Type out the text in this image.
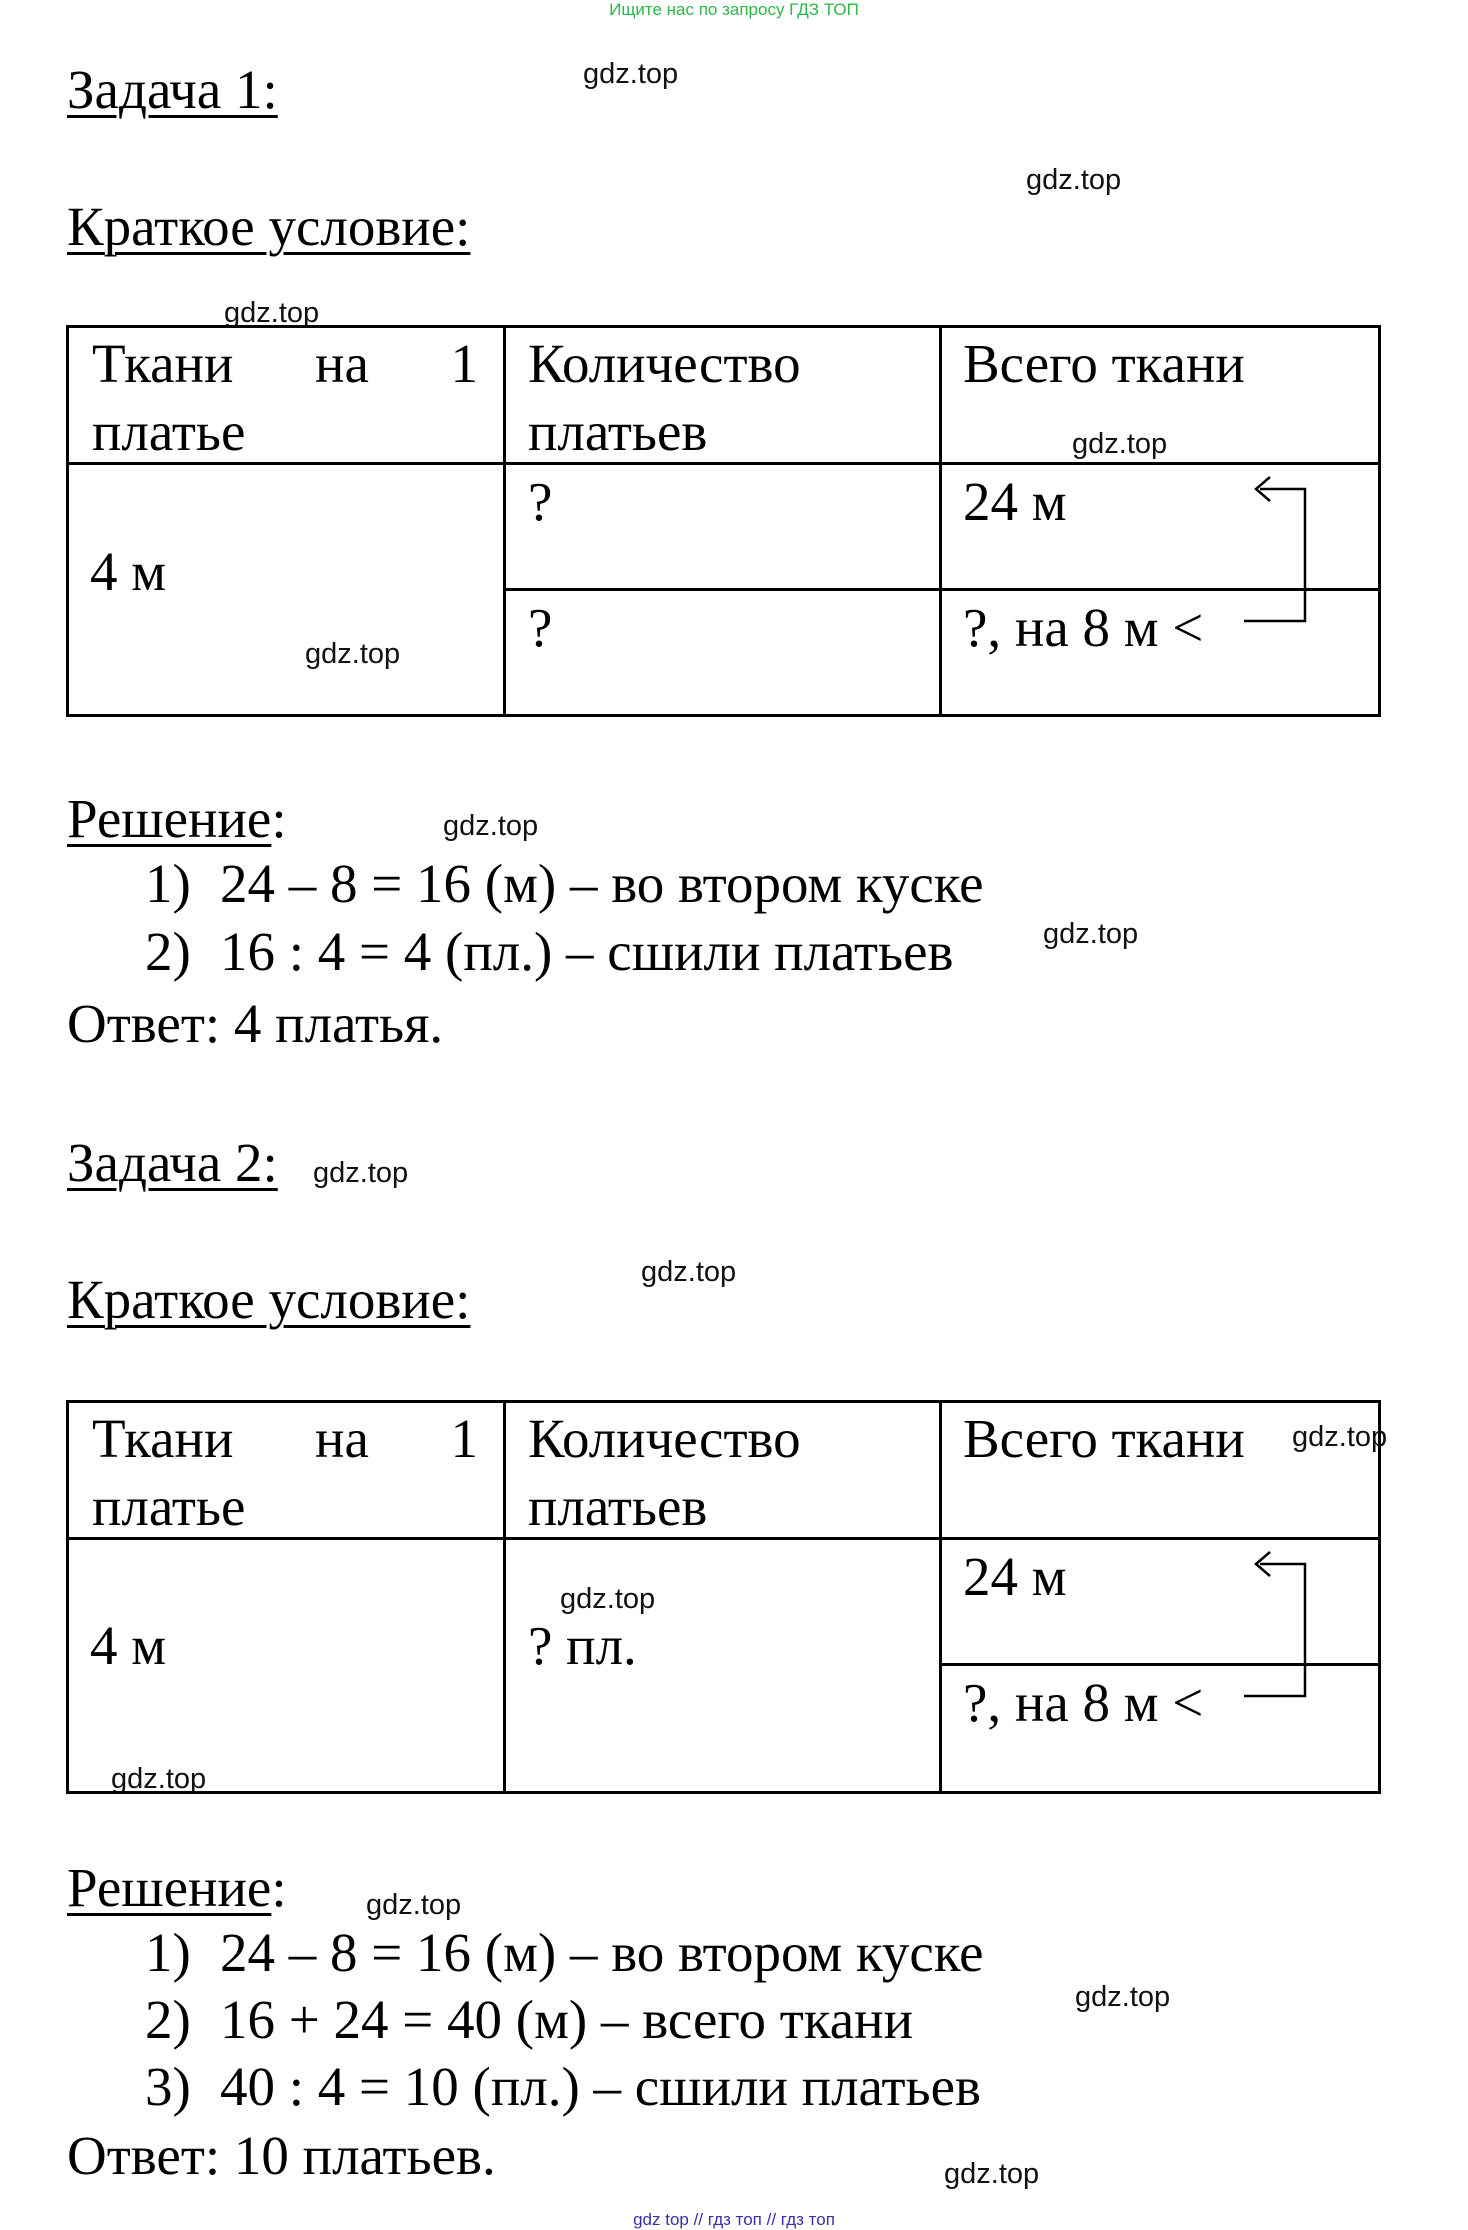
Ищите нас по запросу ГДЗ ТОП
gdz top // гдз топ // гдз топ
gdz.top
gdz.top
gdz.top
gdz.top
gdz.top
gdz.top
gdz.top
gdz.top
gdz.top
gdz.top
gdz.top
gdz.top
gdz.top
gdz.top
gdz.top
Задача 1:
Краткое условие:
Ткани на 1
платье
Количество
платьев
Всего ткани
4 м
?
?
24 м
?, на 8 м <
Решение:
1) 24 – 8 = 16 (м) – во втором куске
2) 16 : 4 = 4 (пл.) – сшили платьев
Ответ: 4 платья.
Задача 2:
Краткое условие:
Ткани на 1
платье
Количество
платьев
Всего ткани
4 м	? пл.
24 м
?, на 8 м <
Решение:
1) 24 – 8 = 16 (м) – во втором куске
2) 16 + 24 = 40 (м) – всего ткани
3) 40 : 4 = 10 (пл.) – сшили платьев
Ответ: 10 платьев.
